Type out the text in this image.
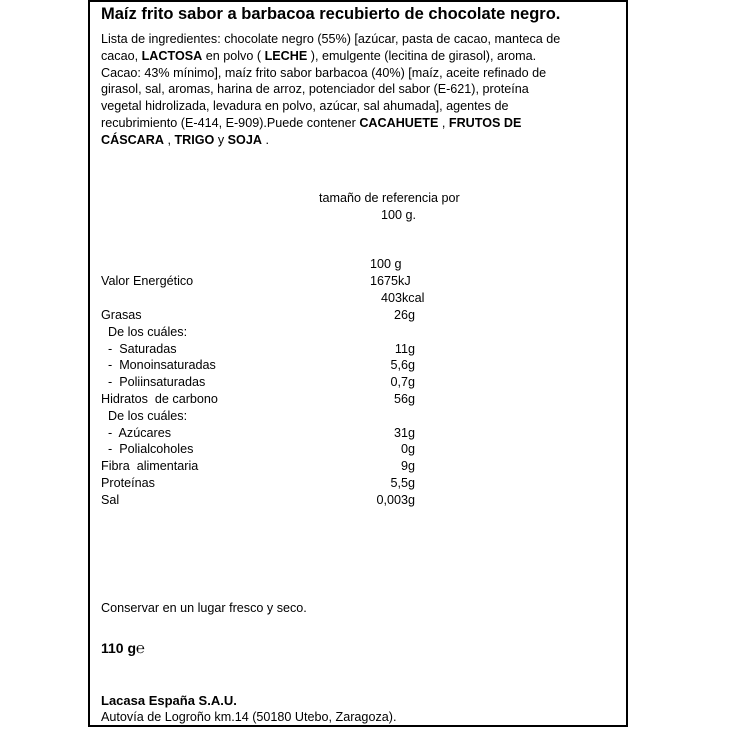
Maíz frito sabor a barbacoa recubierto de chocolate negro.

Lista de ingredientes: chocolate negro (55%) [azúcar, pasta de cacao, manteca de
cacao, LACTOSA en polvo ( LECHE ), emulgente (lecitina de girasol), aroma.
Cacao: 43% mínimo], maíz frito sabor barbacoa (40%) [maíz, aceite refinado de
girasol, sal, aromas, harina de arroz, potenciador del sabor (E-621), proteína
vegetal hidrolizada, levadura en polvo, azúcar, sal ahumada], agentes de
recubrimiento (E-414, E-909).Puede contener CACAHUETE , FRUTOS DE
CÁSCARA , TRIGO y SOJA .

tamaño de referencia por
100 g.
100 g
Valor Energético	1675kJ
403kcal
Grasas	26g
De los cuáles:
-  Saturadas	11g
-  Monoinsaturadas	5,6g
-  Poliinsaturadas	0,7g
Hidratos  de carbono	56g
De los cuáles:
-  Azúcares	31g
-  Polialcoholes	0g
Fibra  alimentaria	9g
Proteínas	5,5g
Sal	0,003g
Conservar en un lugar fresco y seco.
110 g℮
Lacasa España S.A.U.
Autovía de Logroño km.14 (50180 Utebo, Zaragoza).
